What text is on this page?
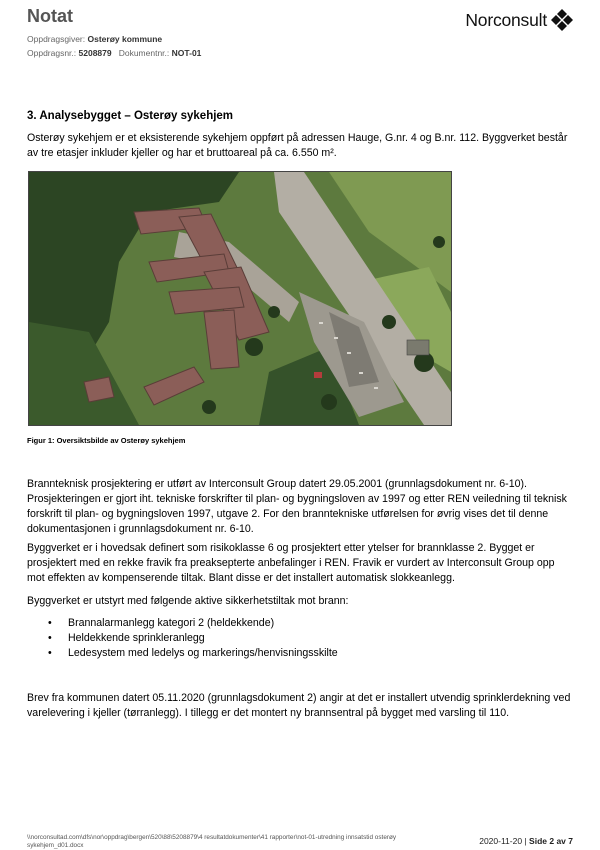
Notat
Oppdragsgiver: Osterøy kommune
Oppdragsnr.: 5208879 Dokumentnr.: NOT-01
Norconsult
3. Analysebygget – Osterøy sykehjem
Osterøy sykehjem er et eksisterende sykehjem oppført på adressen Hauge, G.nr. 4 og B.nr. 112. Byggverket består av tre etasjer inkluder kjeller og har et bruttoareal på ca. 6.550 m².
Figur 1: Oversiktsbilde av Osterøy sykehjem
Brannteknisk prosjektering er utført av Interconsult Group datert 29.05.2001 (grunnlagsdokument nr. 6-10). Prosjekteringen er gjort iht. tekniske forskrifter til plan- og bygningsloven av 1997 og etter REN veiledning til teknisk forskrift til plan- og bygningsloven 1997, utgave 2. For den branntekniske utførelsen for øvrig vises det til denne dokumentasjonen i grunnlagsdokument nr. 6-10.
Byggverket er i hovedsak definert som risikoklasse 6 og prosjektert etter ytelser for brannklasse 2. Bygget er prosjektert med en rekke fravik fra preaksepterte anbefalinger i REN. Fravik er vurdert av Interconsult Group opp mot effekten av kompenserende tiltak. Blant disse er det installert automatisk slokkeanlegg.
Byggverket er utstyrt med følgende aktive sikkerhetstiltak mot brann:
• Brannalarmanlegg kategori 2 (heldekkende)
• Heldekkende sprinkleranlegg
• Ledesystem med ledelys og markerings/henvisningsskilte
Brev fra kommunen datert 05.11.2020 (grunnlagsdokument 2) angir at det er installert utvendig sprinklerdekning ved varelevering i kjeller (tørranlegg). I tillegg er det montert ny brannsentral på bygget med varsling til 110.
\\norconsultad.com\dfs\nor\oppdrag\bergen\520\88\5208879\4 resultatdokumenter\41 rapporter\not-01-utredning innsatstid osterøy sykehjem_d01.docx	2020-11-20 | Side 2 av 7
